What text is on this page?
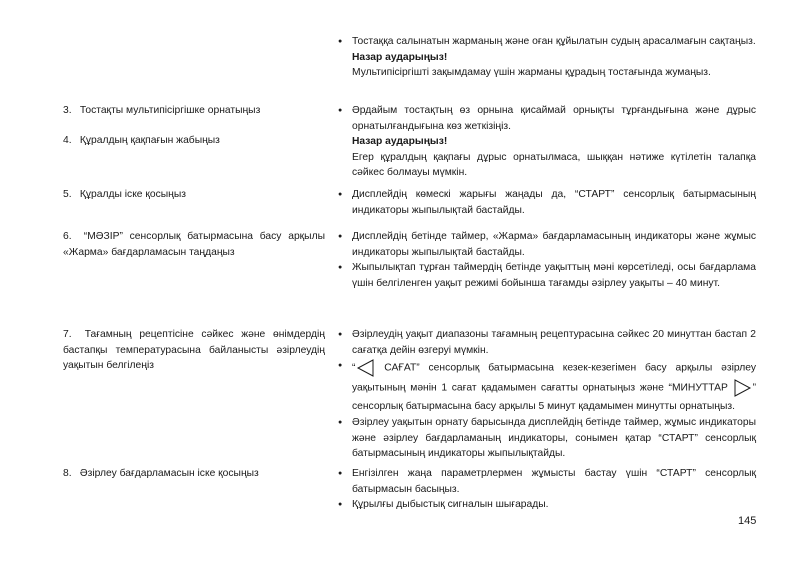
● Тостаққа салынатын жарманың және оған құйылатын судың арасалмағын сақтаңыз.
Назар аударыңыз!
Мультипісіргішті зақымдамау үшін жарманы құрадың тостағында жумаңыз.
3. Тостақты мультипісіргішке орнатыңыз	● Әрдайым тостақтың өз орнына қисаймай орнықты тұрғандығына және дұрыс орнатылғандығына көз жеткізіңіз.
Назар аударыңыз!
Егер құралдың қақпағы дұрыс орнатылмаса, шыққан нәтиже күтілетін талапқа сәйкес болмауы мүмкін.
4. Құралдың қақпағын жабыңыз
5. Құралды іске қосыңыз	● Дисплейдің көмескі жарығы жаңады да, “СТАРТ” сенсорлық батырмасының индикаторы жыпылықтай бастайды.
6. “МӘЗІР” сенсорлық батырмасына басу арқылы «Жарма» бағдарламасын таңдаңыз
● Дисплейдің бетінде таймер, «Жарма» бағдарламасының индикаторы және жұмыс индикаторы жыпылықтай бастайды.
● Жыпылықтап тұрған таймердің бетінде уақыттың мәні көрсетіледі, осы бағдарлама үшін белгіленген уақыт режимі бойынша тағамды әзірлеу уақыты – 40 минут.
7. Тағамның рецептісіне сәйкес және өнімдердің бастапқы температурасына байланысты әзірлеудің уақытын белгілеңіз
● Әзірлеудің уақыт диапазоны тағамның рецептурасына сәйкес 20 минуттан бастап 2 сағатқа дейін өзгеруі мүмкін.
● “ САҒАТ” сенсорлық батырмасына кезек-кезегімен басу арқылы әзірлеу уақытының мәнін 1 сағат қадамымен сағатты орнатыңыз және “МИНУТТАР ” сенсорлық батырмасына басу арқылы 5 минут қадамымен минутты орнатыңыз.
● Әзірлеу уақытын орнату барысында дисплейдің бетінде таймер, жұмыс индикаторы және әзірлеу бағдарламаның индикаторы, сонымен қатар “СТАРТ” сенсорлық батырмасының индикаторы жыпылықтайды.
8. Әзірлеу бағдарламасын іске қосыңыз	● Енгізілген жаңа параметрлермен жұмысты бастау үшін “СТАРТ” сенсорлық батырмасын басыңыз.
● Құрылғы дыбыстық сигналын шығарады.
145
